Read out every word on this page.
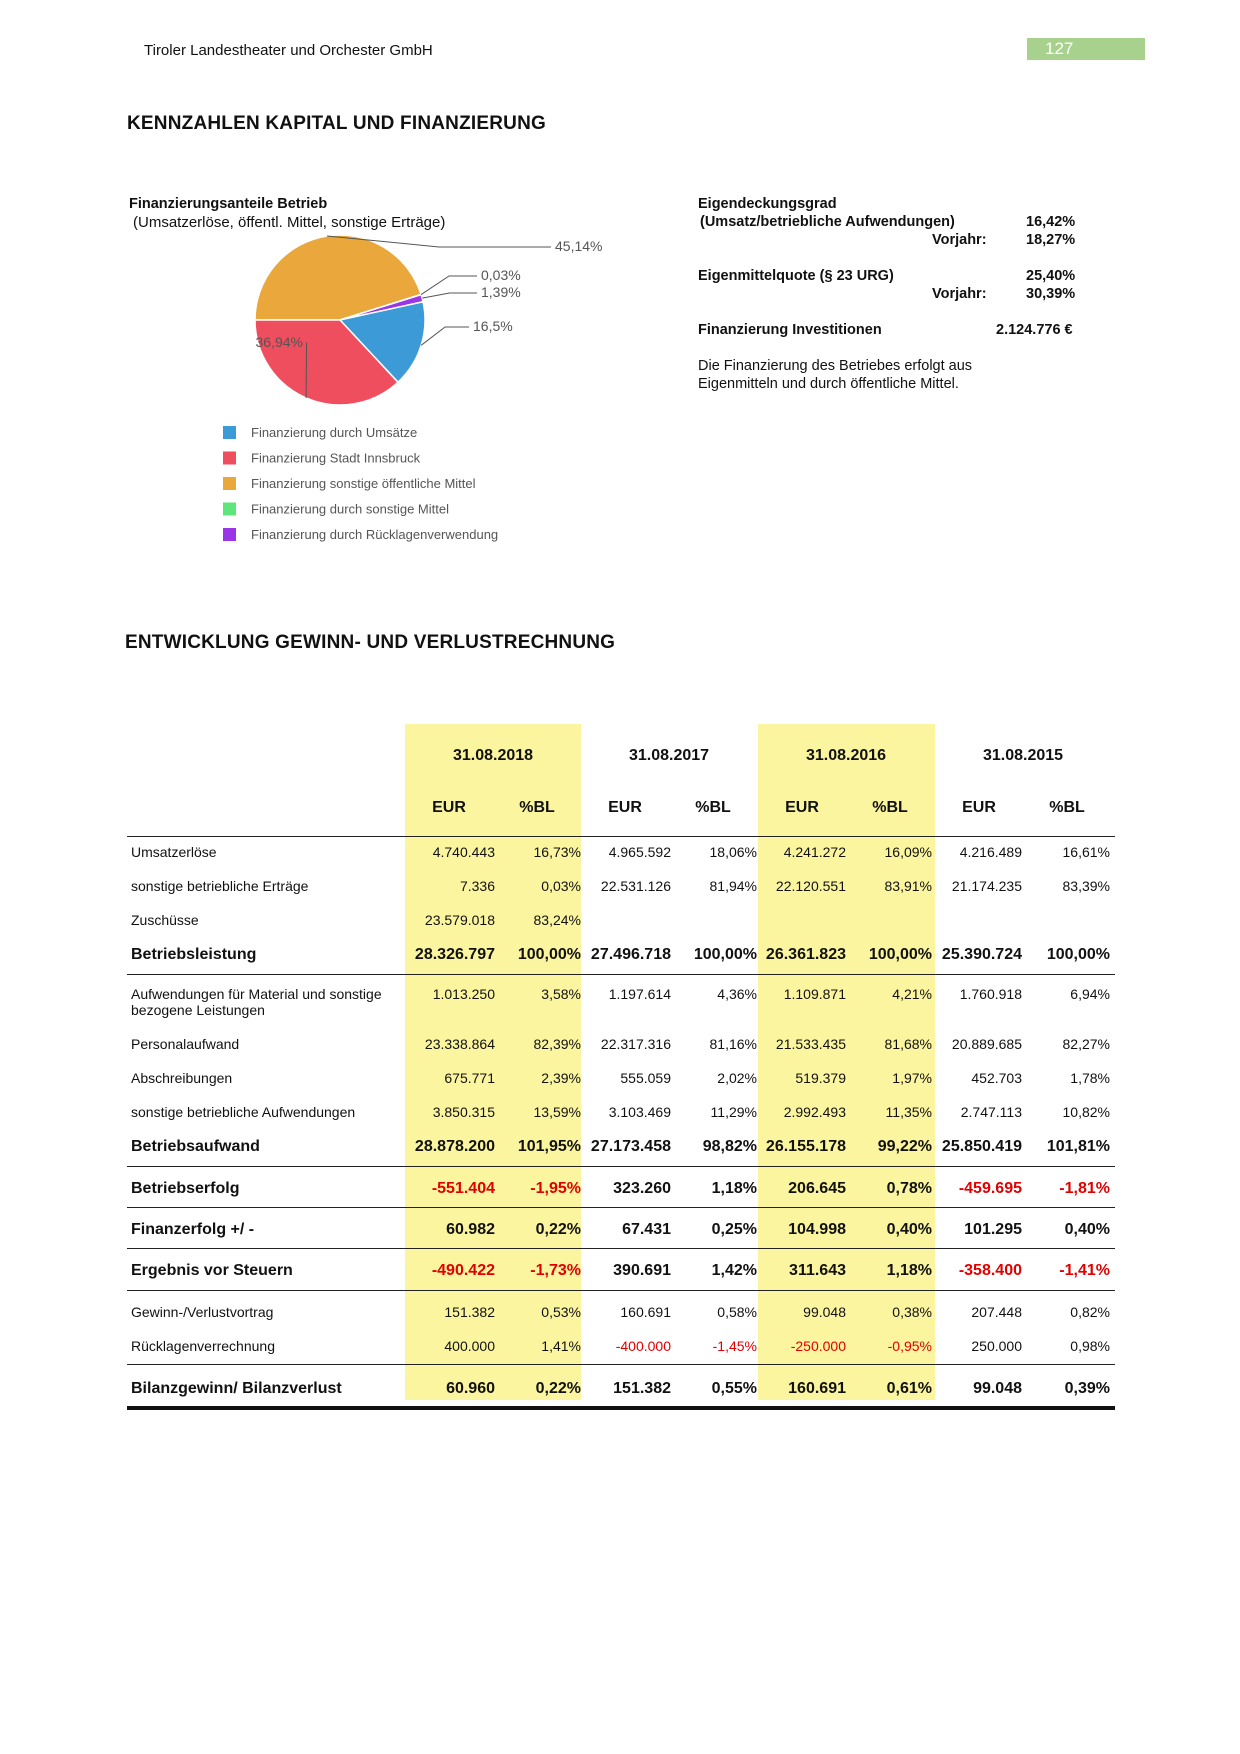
Tiroler Landestheater und Orchester GmbH	127
KENNZAHLEN KAPITAL UND FINANZIERUNG
Finanzierungsanteile Betrieb
(Umsatzerlöse, öffentl. Mittel, sonstige Erträge)
45,14%
0,03%
1,39%
16,5%
36,94%
Finanzierung durch Umsätze
Finanzierung Stadt Innsbruck
Finanzierung sonstige öffentliche Mittel
Finanzierung durch sonstige Mittel
Finanzierung durch Rücklagenverwendung
Eigendeckungsgrad
(Umsatz/betriebliche Aufwendungen)	16,42%
Vorjahr:	18,27%
Eigenmittelquote (§ 23 URG)	25,40%
Vorjahr:	30,39%
Finanzierung Investitionen	2.124.776 €
Die Finanzierung des Betriebes erfolgt aus
Eigenmitteln und durch öffentliche Mittel.
ENTWICKLUNG GEWINN- UND VERLUSTRECHNUNG
31.08.2018
EUR	%BL
31.08.2017
EUR	%BL
31.08.2016
EUR	%BL
31.08.2015
EUR	%BL
Umsatzerlöse	4.740.443	16,73% 4.965.592	18,06% 4.241.272	16,09% 4.216.489	16,61%
sonstige betriebliche Erträge	7.336	0,03% 22.531.126	81,94% 22.120.551	83,91% 21.174.235	83,39%
Zuschüsse	23.579.018	83,24%
Betriebsleistung	28.326.797 100,00% 27.496.718 100,00% 26.361.823 100,00% 25.390.724 100,00%
Aufwendungen für Material und sonstige
bezogene Leistungen
1.013.250	3,58% 1.197.614	4,36% 1.109.871	4,21% 1.760.918	6,94%
Personalaufwand	23.338.864	82,39% 22.317.316	81,16% 21.533.435	81,68% 20.889.685	82,27%
Abschreibungen	675.771	2,39%	555.059	2,02%	519.379	1,97%	452.703	1,78%
sonstige betriebliche Aufwendungen	3.850.315	13,59% 3.103.469	11,29% 2.992.493	11,35% 2.747.113	10,82%
Betriebsaufwand	28.878.200 101,95% 27.173.458 98,82% 26.155.178 99,22% 25.850.419 101,81%
Betriebserfolg	-551.404 -1,95% 323.260	1,18% 206.645	0,78% -459.695 -1,81%
Finanzerfolg +/ -	60.982	0,22%	67.431	0,25% 104.998	0,40% 101.295	0,40%
Ergebnis vor Steuern	-490.422 -1,73% 390.691	1,42% 311.643	1,18% -358.400 -1,41%
Gewinn-/Verlustvortrag	151.382	0,53%	160.691	0,58%	99.048	0,38%	207.448	0,82%
Rücklagenverrechnung	400.000	1,41% -400.000	-1,45% -250.000	-0,95%	250.000	0,98%
Bilanzgewinn/ Bilanzverlust	60.960	0,22% 151.382	0,55% 160.691	0,61%	99.048	0,39%
